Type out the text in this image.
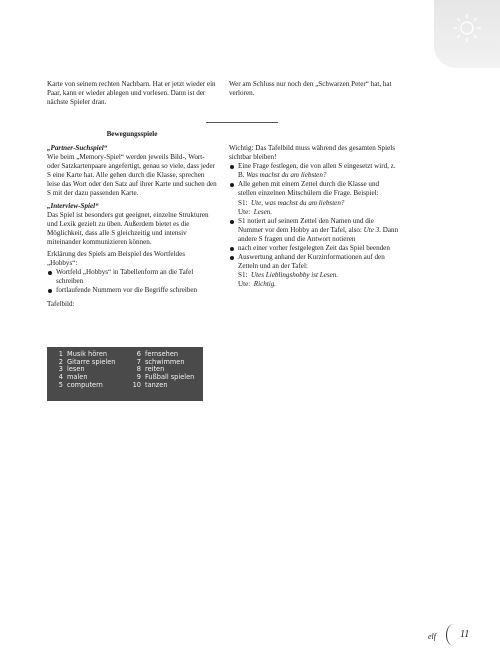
Karte von seinem rechten Nachbarn. Hat er jetzt wieder ein Paar, kann er wieder ablegen und vorlesen. Dann ist der nächste Spieler dran.

Wer am Schluss nur noch den „Schwarzen Peter“ hat, hat verloren.

Bewegungsspiele

„Partner-Suchspiel“

Wie beim „Memory-Spiel“ werden jeweils Bild-, Wort- oder Satzkartenpaare angefertigt, genau so viele, dass jeder S eine Karte hat. Alle gehen durch die Klasse, sprechen leise das Wort oder den Satz auf ihrer Karte und suchen den S mit der dazu passenden Karte.

„Interview-Spiel“

Das Spiel ist besonders gut geeignet, einzelne Strukturen und Lexik gezielt zu üben. Außerdem bietet es die Möglichkeit, dass alle S gleichzeitig und intensiv miteinander kommunizieren können.

Erklärung des Spiels am Beispiel des Wortfeldes „Hobbys“:

Wortfeld „Hobbys“ in Tabellenform an die Tafel schreiben
fortlaufende Nummern vor die Begriffe schreiben

Tafelbild:

1 Musik hören
2 Gitarre spielen
3 lesen
4 malen
5 computern
6 fernsehen
7 schwimmen
8 reiten
9 Fußball spielen
10 tanzen

Wichtig: Das Tafelbild muss während des gesamten Spiels sichtbar bleiben!

Eine Frage festlegen, die von allen S eingesetzt wird, z. B. Was machst du am liebsten?
Alle gehen mit einem Zettel durch die Klasse und stellen einzelnen Mitschülern die Frage. Beispiel:
S1: Ute, was machst du am liebsten?
Ute: Lesen.
S1 notiert auf seinem Zettel den Namen und die Nummer vor dem Hobby an der Tafel, also: Ute 3. Dann andere S fragen und die Antwort notieren
nach einer vorher festgelegten Zeit das Spiel beenden
Auswertung anhand der Kurzinformationen auf den Zetteln und an der Tafel:
S1: Utes Lieblingshobby ist Lesen.
Ute: Richtig.
elf 11
